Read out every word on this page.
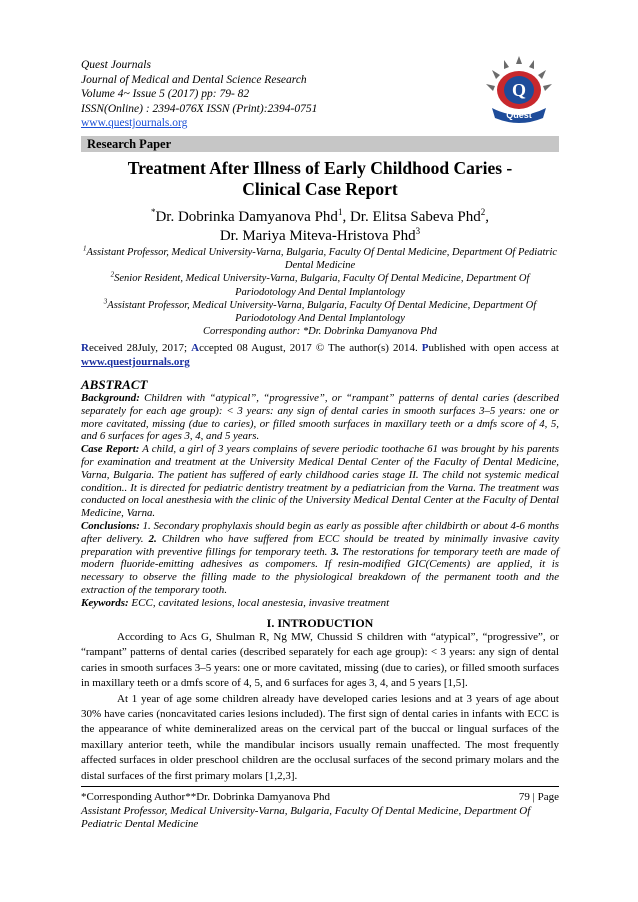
Quest Journals
Journal of Medical and Dental Science Research
Volume 4~ Issue 5 (2017) pp: 79- 82
ISSN(Online) : 2394-076X ISSN (Print):2394-0751
www.questjournals.org
Q
Quest
Research Paper
Treatment After Illness of Early Childhood Caries - Clinical Case Report
*Dr. Dobrinka Damyanova Phd$^1$, Dr. Elitsa Sabeva Phd$^2$,
Dr. Mariya Miteva-Hristova Phd$^3$
$^1$Assistant Professor, Medical University-Varna, Bulgaria, Faculty Of Dental Medicine, Department Of Pediatric Dental Medicine
$^2$Senior Resident, Medical University-Varna, Bulgaria, Faculty Of Dental Medicine, Department Of Pariodotology And Dental Implantology
$^3$Assistant Professor, Medical University-Varna, Bulgaria, Faculty Of Dental Medicine, Department Of Pariodotology And Dental Implantology
Corresponding author: *Dr. Dobrinka Damyanova Phd
Received 28July, 2017; Accepted 08 August, 2017 © The author(s) 2014. Published with open access at www.questjournals.org
ABSTRACT

Background: Children with “atypical”, “progressive”, or “rampant” patterns of dental caries (described separately for each age group): < 3 years: any sign of dental caries in smooth surfaces 3–5 years: one or more cavitated, missing (due to caries), or filled smooth surfaces in maxillary teeth or a dmfs score of 4, 5, and 6 surfaces for ages 3, 4, and 5 years.

Case Report: A child, a girl of 3 years complains of severe periodic toothache 61 was brought by his parents for examination and treatment at the University Medical Dental Center of the Faculty of Dental Medicine, Varna, Bulgaria. The patient has suffered of early childhood caries stage II. The child not systemic medical condition.. It is directed for pediatric dentistry treatment by a pediatrician from the Varna. The treatment was conducted on local anesthesia with the clinic of the University Medical Dental Center at the Faculty of Dental Medicine, Varna.

Conclusions: 1. Secondary prophylaxis should begin as early as possible after childbirth or about 4-6 months after delivery. 2. Children who have suffered from ECC should be treated by minimally invasive cavity preparation with preventive fillings for temporary teeth. 3. The restorations for temporary teeth are made of modern fluoride-emitting adhesives as compomers. If resin-modified GIC(Cements) are applied, it is necessary to observe the filling made to the physiological breakdown of the permanent tooth and the extraction of the temporary tooth.

Keywords: ECC, cavitated lesions, local anestesia, invasive treatment

I. INTRODUCTION

According to Acs G, Shulman R, Ng MW, Chussid S children with “atypical”, “progressive”, or “rampant” patterns of dental caries (described separately for each age group): < 3 years: any sign of dental caries in smooth surfaces 3–5 years: one or more cavitated, missing (due to caries), or filled smooth surfaces in maxillary teeth or a dmfs score of 4, 5, and 6 surfaces for ages 3, 4, and 5 years [1,5].

At 1 year of age some children already have developed caries lesions and at 3 years of age about 30% have caries (noncavitated caries lesions included). The first sign of dental caries in infants with ECC is the appearance of white demineralized areas on the cervical part of the buccal or lingual surfaces of the maxillary anterior teeth, while the mandibular incisors usually remain unaffected. The most frequently affected surfaces in older preschool children are the occlusal surfaces of the second primary molars and the distal surfaces of the first primary molars [1,2,3].

*Corresponding Author**Dr. Dobrinka Damyanova Phd	79 | Page
Assistant Professor, Medical University-Varna, Bulgaria, Faculty Of Dental Medicine, Department Of Pediatric Dental Medicine
